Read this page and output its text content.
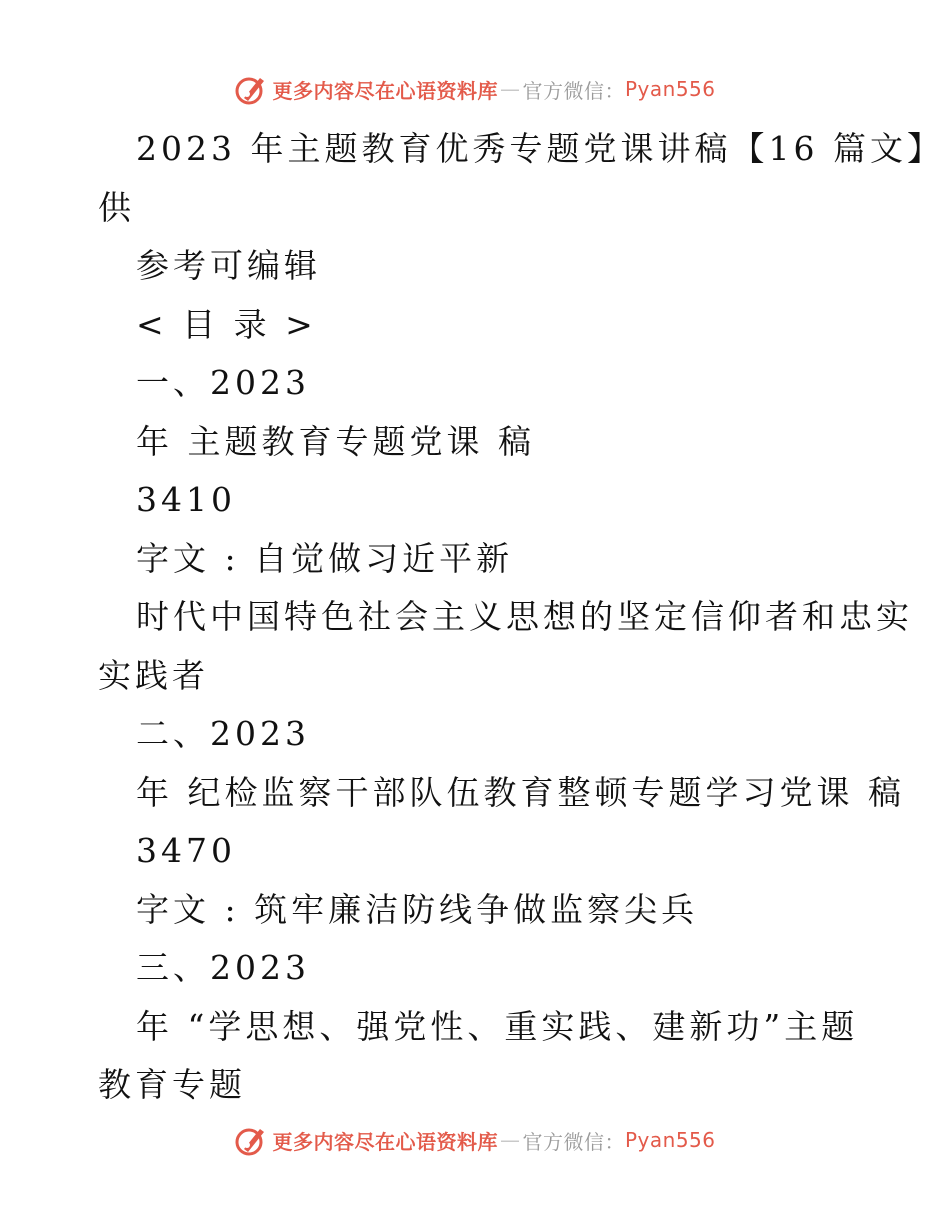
更多内容尽在心语资料库 — 官方微信： Pyan556
2023 年主题教育优秀专题党课讲稿【16 篇文】
供
参考可编辑
< 目 录 >
一、2023
年 主题教育专题党课 稿
3410
字文 : 自觉做习近平新
时代中国特色社会主义思想的坚定信仰者和忠实
实践者
二、2023
年 纪检监察干部队伍教育整顿专题学习党课 稿
3470
字文 : 筑牢廉洁防线争做监察尖兵
三、2023
年 “学思想、强党性、重实践、建新功”主题
教育专题
更多内容尽在心语资料库 — 官方微信： Pyan556
